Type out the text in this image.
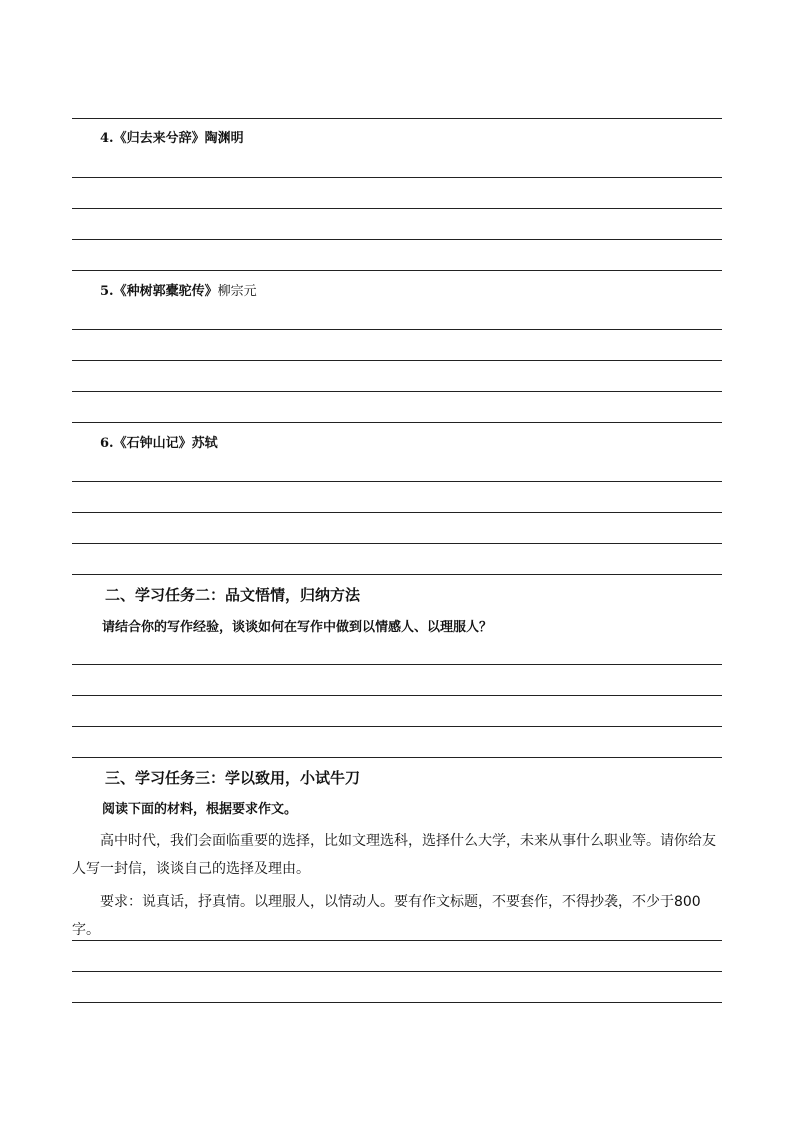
4.《归去来兮辞》陶渊明
5.《种树郭橐驼传》柳宗元
6.《石钟山记》苏轼
二、学习任务二：品文悟情，归纳方法
请结合你的写作经验，谈谈如何在写作中做到以情感人、以理服人？
三、学习任务三：学以致用，小试牛刀
阅读下面的材料，根据要求作文。
高中时代，我们会面临重要的选择，比如文理选科，选择什么大学，未来从事什么职业等。请你给友人写一封信，谈谈自己的选择及理由。
要求：说真话，抒真情。以理服人，以情动人。要有作文标题，不要套作，不得抄袭，不少于800字。
